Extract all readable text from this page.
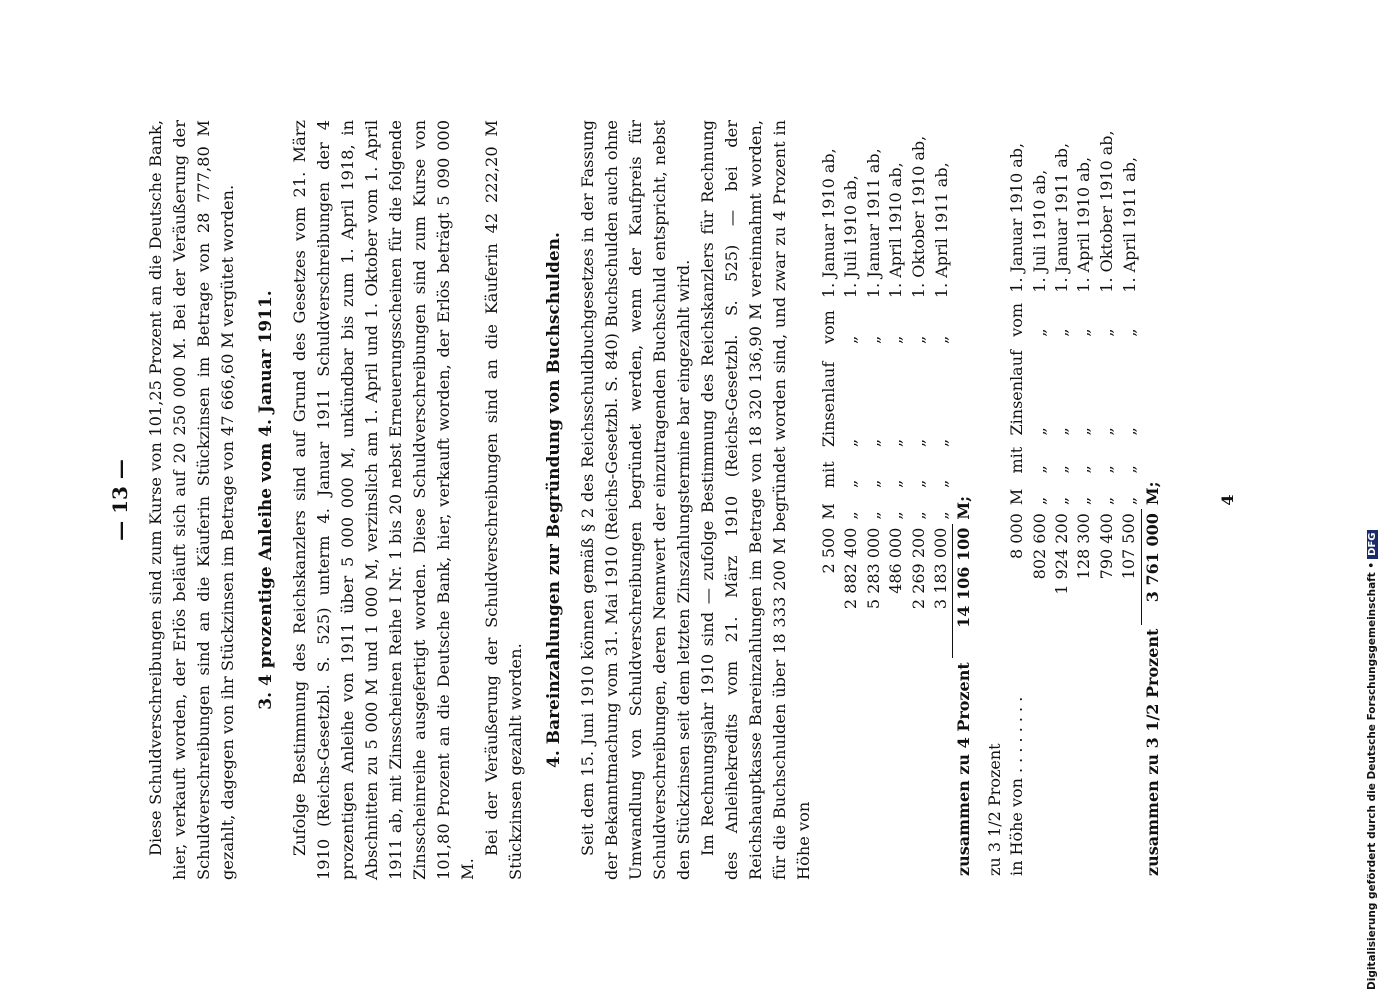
— 13 — Diese Schuldverschreibungen sind zum Kurse von 101,25 Prozent an die Deutsche Bank, hier, verkauft worden, der Erlös beläuft sich auf 20 250 000 M. Bei der Veräußerung der Schuldverschreibungen sind an die Käuferin Stückzinsen im Betrage von 28 777,80 M gezahlt, dagegen von ihr Stückzinsen im Betrage von 47 666,60 M vergütet worden. 3. 4 prozentige Anleihe vom 4. Januar 1911. Zufolge Bestimmung des Reichskanzlers sind auf Grund des Gesetzes vom 21. März 1910 (Reichs-Gesetzbl. S. 525) unterm 4. Januar 1911 Schuldverschreibungen der 4 prozentigen Anleihe von 1911 über 5 000 000 M, unkündbar bis zum 1. April 1918, in Abschnitten zu 5 000 M und 1 000 M, verzinslich am 1. April und 1. Oktober vom 1. April 1911 ab, mit Zinsscheinen Reihe I Nr. 1 bis 20 nebst Erneuerungsscheinen für die folgende Zinsscheinreihe ausgefertigt worden. Diese Schuldverschreibungen sind zum Kurse von 101,80 Prozent an die Deutsche Bank, hier, verkauft worden, der Erlös beträgt 5 090 000 M.

Bei der Veräußerung der Schuldverschreibungen sind an die Käuferin 42 222,20 M Stückzinsen gezahlt worden. 4. Bareinzahlungen zur Begründung von Buchschulden. Seit dem 15. Juni 1910 können gemäß § 2 des Reichsschuldbuchgesetzes in der Fassung der Bekanntmachung vom 31. Mai 1910 (Reichs-Gesetzbl. S. 840) Buchschulden auch ohne Umwandlung von Schuldverschreibungen begründet werden, wenn der Kaufpreis für Schuldverschreibungen, deren Nennwert der einzutragenden Buchschuld entspricht, nebst den Stückzinsen seit dem letzten Zinszahlungstermine bar eingezahlt wird. Im Rechnungsjahr 1910 sind — zufolge Bestimmung des Reichskanzlers für Rechnung des Anleihekredits vom 21. März 1910 (Reichs-Gesetzbl. S. 525) — bei der Reichshauptkasse Bareinzahlungen im Betrage von 18 320 136,90 M vereinnahmt worden, für die Buchschulden über 18 333 200 M begründet worden sind, und zwar zu 4 Prozent in Höhe von

	2 500	M	mit	Zinsenlauf	vom	1. Januar 1910 ab,
	2 882 400	„	„	„	„	1. Juli 1910 ab,
	5 283 000	„	„	„	„	1. Januar 1911 ab,
	486 000	„	„	„	„	1. April 1910 ab,
	2 269 200	„	„	„	„	1. Oktober 1910 ab,
	3 183 000	„	„	„	„	1. April 1911 ab,
zusammen zu 4 Prozent	14 106 100	M;				
zu 3 1/2 Prozent						
in Höhe von . . . . . . . .	8 000	M	mit	Zinsenlauf	vom	1. Januar 1910 ab,
	802 600	„	„	„	„	1. Juli 1910 ab,
	1 924 200	„	„	„	„	1. Januar 1911 ab,
	128 300	„	„	„	„	1. April 1910 ab,
	790 400	„	„	„	„	1. Oktober 1910 ab,
	107 500	„	„	„	„	1. April 1911 ab,
zusammen zu 3 1/2 Prozent	3 761 000	M;					4
Digitalisierung gefördert durch die Deutsche Forschungsgemeinschaft •DFG
